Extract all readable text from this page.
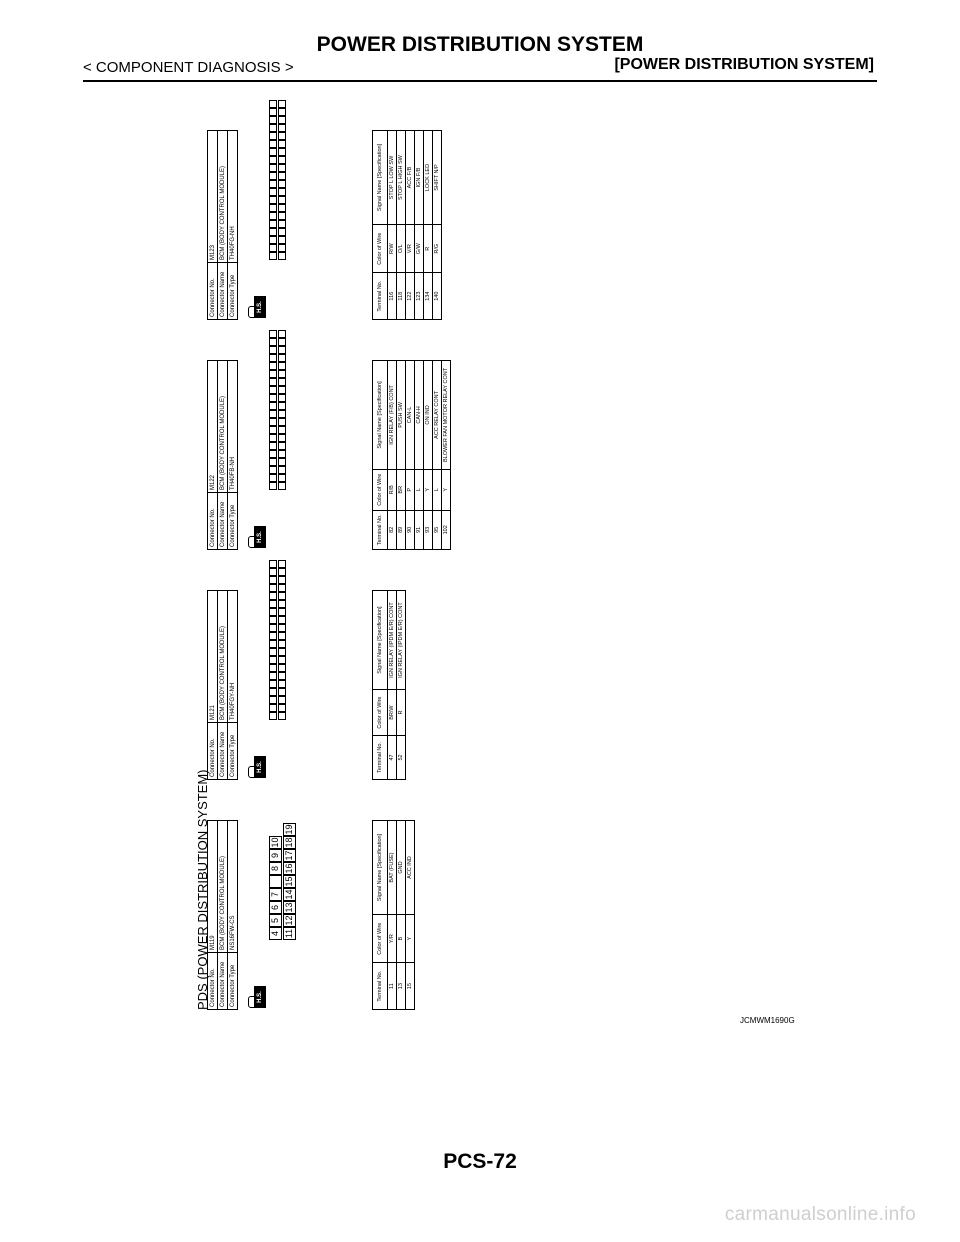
POWER DISTRIBUTION SYSTEM
< COMPONENT DIAGNOSIS >	[POWER DISTRIBUTION SYSTEM]
PDS (POWER DISTRIBUTION SYSTEM) Connector No.	M119
Connector Name	BCM (BODY CONTROL MODULE)
Connector Type	NS16FW-CS
H.S.
4
5
6
7
8
9
10
11
12
13
14
15
16
17
18
19
Terminal No.	Color of Wire	Signal Name [Specification]
11	Y/R	BAT (FUSE)
13	B	GND
15	Y	ACC IND
Connector No.	M121
Connector Name	BCM (BODY CONTROL MODULE)
Connector Type	TH40FGY-NH
H.S.	Terminal No.	Color of Wire	Signal Name [Specification]
47	BR/W	IGN RELAY (IPDM E/R) CONT
52	R	IGN RELAY (IPDM E/R) CONT
Connector No.	M122
Connector Name	BCM (BODY CONTROL MODULE)
Connector Type	TH40FB-NH
H.S.	Terminal No.	Color of Wire	Signal Name [Specification]
82	R/B	IGN RELAY (F/B) CONT
89	BR	PUSH SW
90	P	CAN-L
91	L	CAN-H
93	Y	ON IND
95	L	ACC RELAY CONT
102	Y	BLOWER FAN MOTOR RELAY CONT
Connector No.	M123
Connector Name	BCM (BODY CONTROL MODULE)
Connector Type	TH40FG-NH
H.S.	Terminal No.	Color of Wire	Signal Name [Specification]
116	R/W	STOP L LOW SW
118	O/L	STOP L HIGH SW
122	V/R	ACC F/B
123	G/W	IGN F/B
134	R	LOCK LED
140	R/G	SHIFT N/P
JCMWM1690G
PCS-72
carmanualsonline.info
